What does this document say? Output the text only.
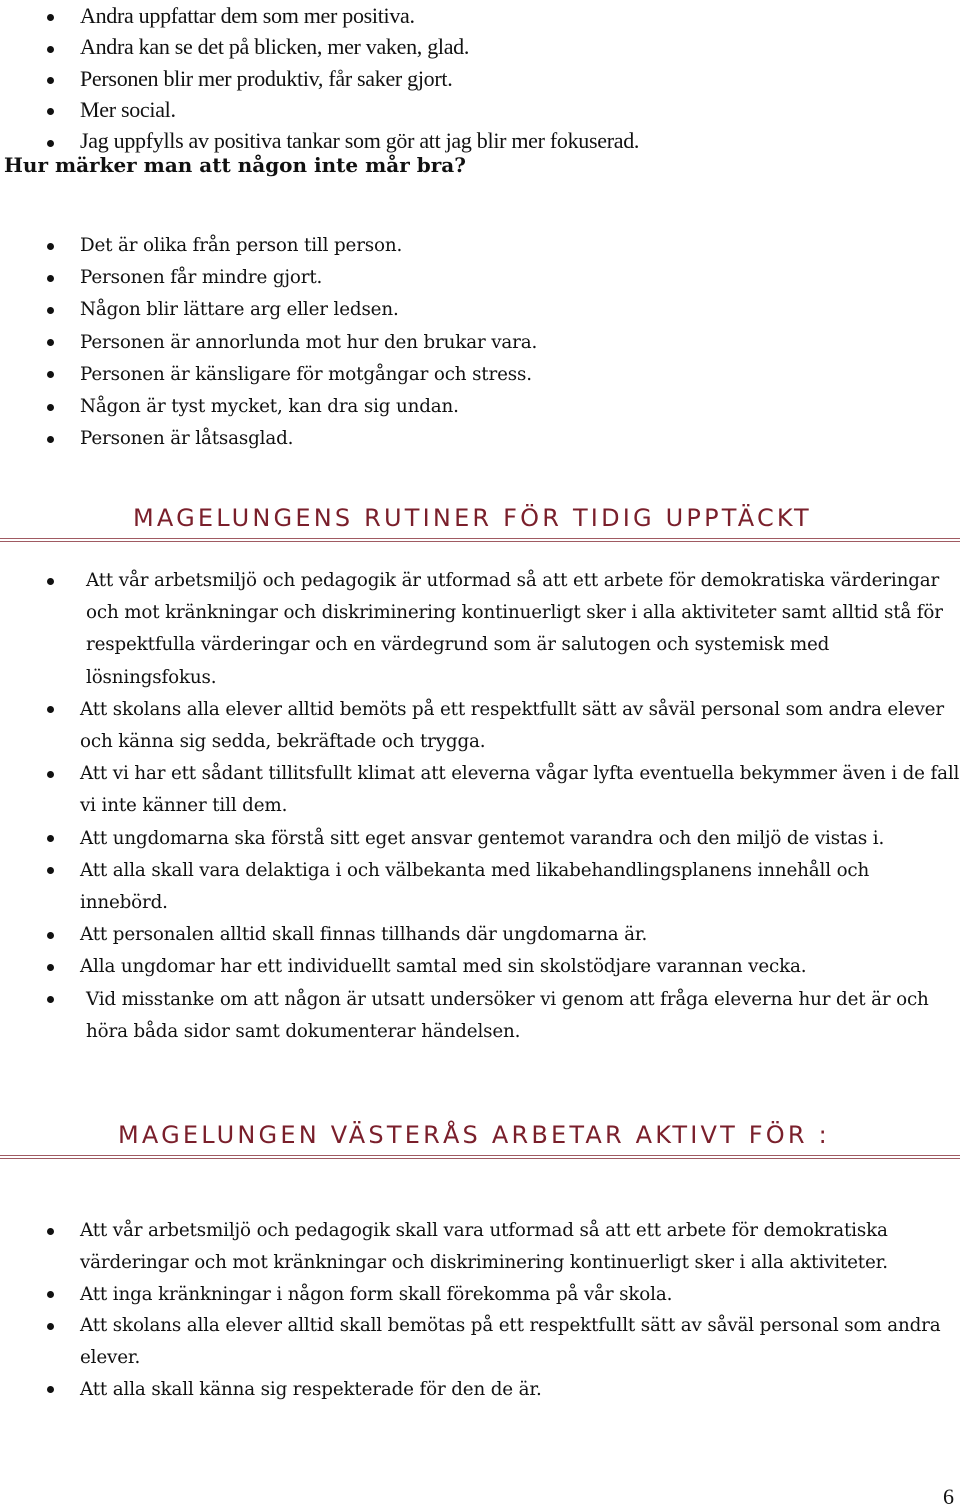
Andra uppfattar dem som mer positiva.
Andra kan se det på blicken, mer vaken, glad.
Personen blir mer produktiv, får saker gjort.
Mer social.
Jag uppfylls av positiva tankar som gör att jag blir mer fokuserad.
Hur märker man att någon inte mår bra?
Det är olika från person till person.
Personen får mindre gjort.
Någon blir lättare arg eller ledsen.
Personen är annorlunda mot hur den brukar vara.
Personen är känsligare för motgångar och stress.
Någon är tyst mycket, kan dra sig undan.
Personen är låtsasglad.
MAGELUNGENS RUTINER FÖR TIDIG UPPTÄCKT
Att vår arbetsmiljö och pedagogik är utformad så att ett arbete för demokratiska värderingar och mot kränkningar och diskriminering kontinuerligt sker i alla aktiviteter samt alltid stå för respektfulla värderingar och en värdegrund som är salutogen och systemisk med lösningsfokus.
Att skolans alla elever alltid bemöts på ett respektfullt sätt av såväl personal som andra elever och känna sig sedda, bekräftade och trygga.
Att vi har ett sådant tillitsfullt klimat att eleverna vågar lyfta eventuella bekymmer även i de fall vi inte känner till dem.
Att ungdomarna ska förstå sitt eget ansvar gentemot varandra och den miljö de vistas i.
Att alla skall vara delaktiga i och välbekanta med likabehandlingsplanens innehåll och innebörd.
Att personalen alltid skall finnas tillhands där ungdomarna är.
Alla ungdomar har ett individuellt samtal med sin skolstödjare varannan vecka.
Vid misstanke om att någon är utsatt undersöker vi genom att fråga eleverna hur det är och höra båda sidor samt dokumenterar händelsen.
MAGELUNGEN VÄSTERÅS ARBETAR AKTIVT FÖR :
Att vår arbetsmiljö och pedagogik skall vara utformad så att ett arbete för demokratiska värderingar och mot kränkningar och diskriminering kontinuerligt sker i alla aktiviteter.
Att inga kränkningar i någon form skall förekomma på vår skola.
Att skolans alla elever alltid skall bemötas på ett respektfullt sätt av såväl personal som andra elever.
Att alla skall känna sig respekterade för den de är.
6
